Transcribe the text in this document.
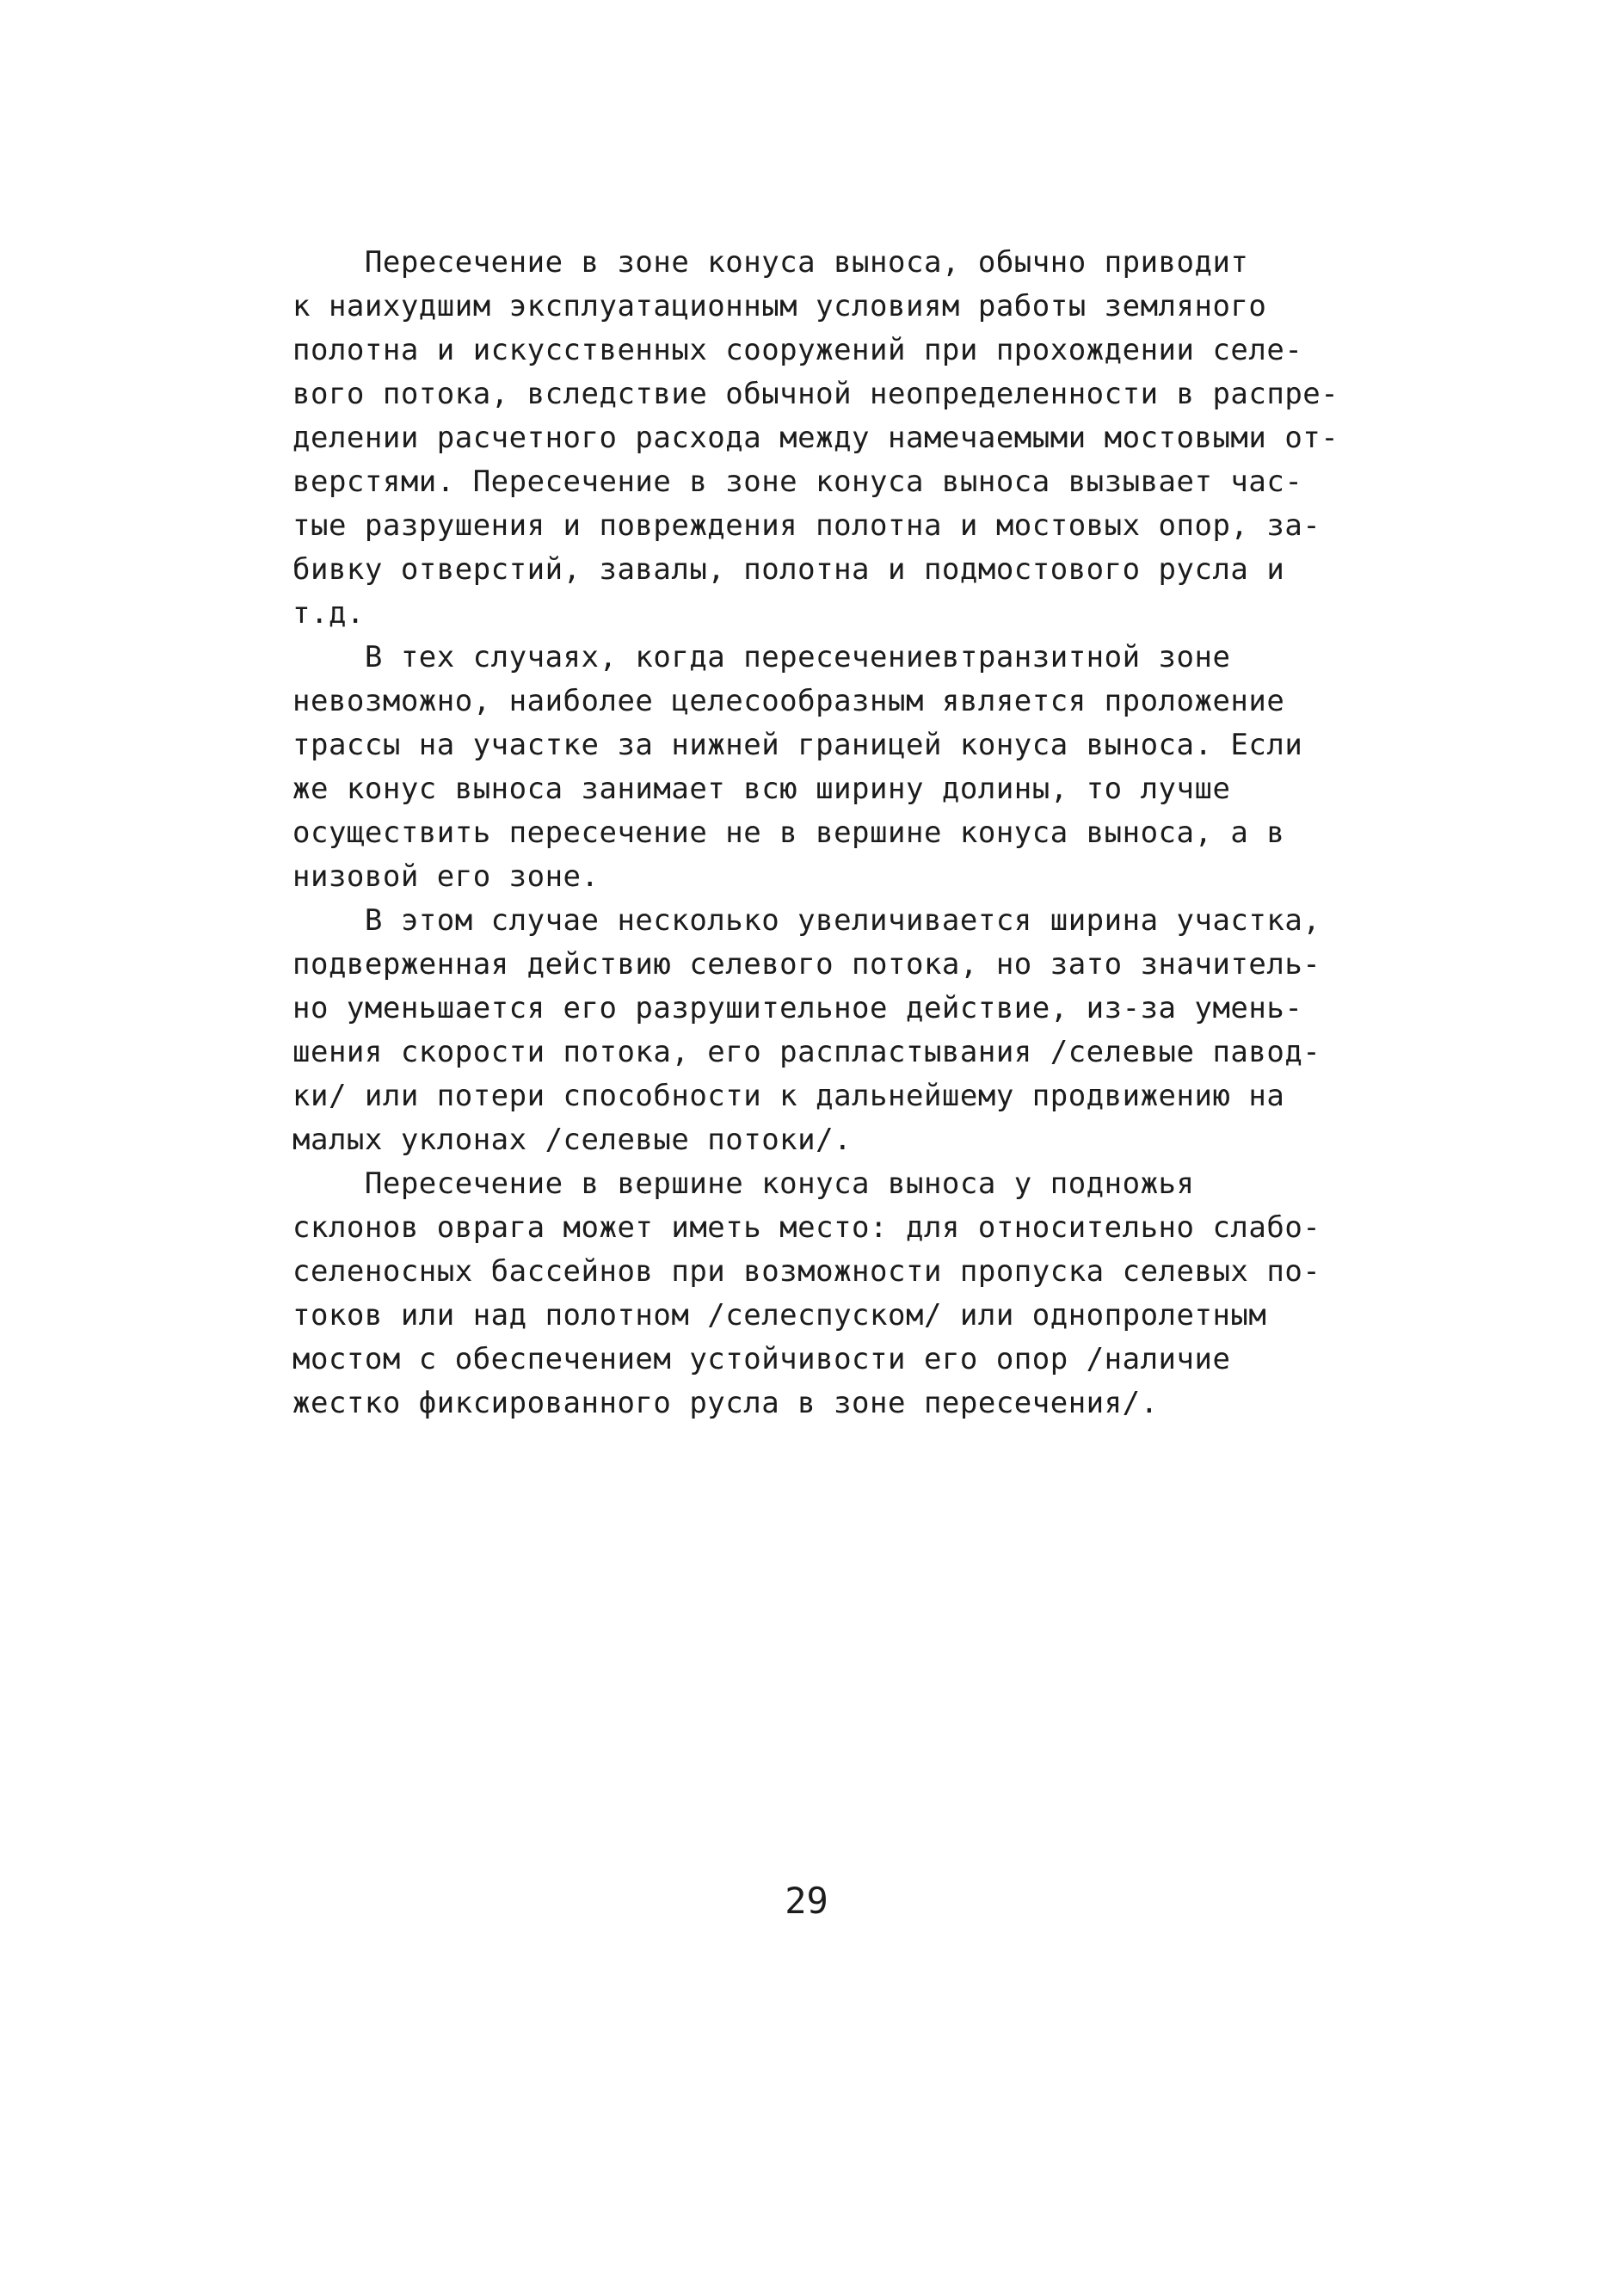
Пересечение в зоне конуса выноса, обычно приводит
к наихудшим эксплуатационным условиям работы земляного
полотна и искусственных сооружений при прохождении селе-
вого потока, вследствие обычной неопределенности в распре-
делении расчетного расхода между намечаемыми мостовыми от-
верстями. Пересечение в зоне конуса выноса вызывает час-
тые разрушения и повреждения полотна и мостовых опор, за-
бивку отверстий, завалы, полотна и подмостового русла и
т.д.
В тех случаях, когда пересечениевтранзитной зоне
невозможно, наиболее целесообразным является проложение
трассы на участке за нижней границей конуса выноса. Если
же конус выноса занимает всю ширину долины, то лучше
осуществить пересечение не в вершине конуса выноса, а в
низовой его зоне.
В этом случае несколько увеличивается ширина участка,
подверженная действию селевого потока, но зато значитель-
но уменьшается его разрушительное действие, из-за умень-
шения скорости потока, его распластывания /селевые павод-
ки/ или потери способности к дальнейшему продвижению на
малых уклонах /селевые потоки/.
Пересечение в вершине конуса выноса у подножья
склонов оврага может иметь место: для относительно слабо-
селеносных бассейнов при возможности пропуска селевых по-
токов или над полотном /селеспуском/ или однопролетным
мостом с обеспечением устойчивости его опор /наличие
жестко фиксированного русла в зоне пересечения/.
29
